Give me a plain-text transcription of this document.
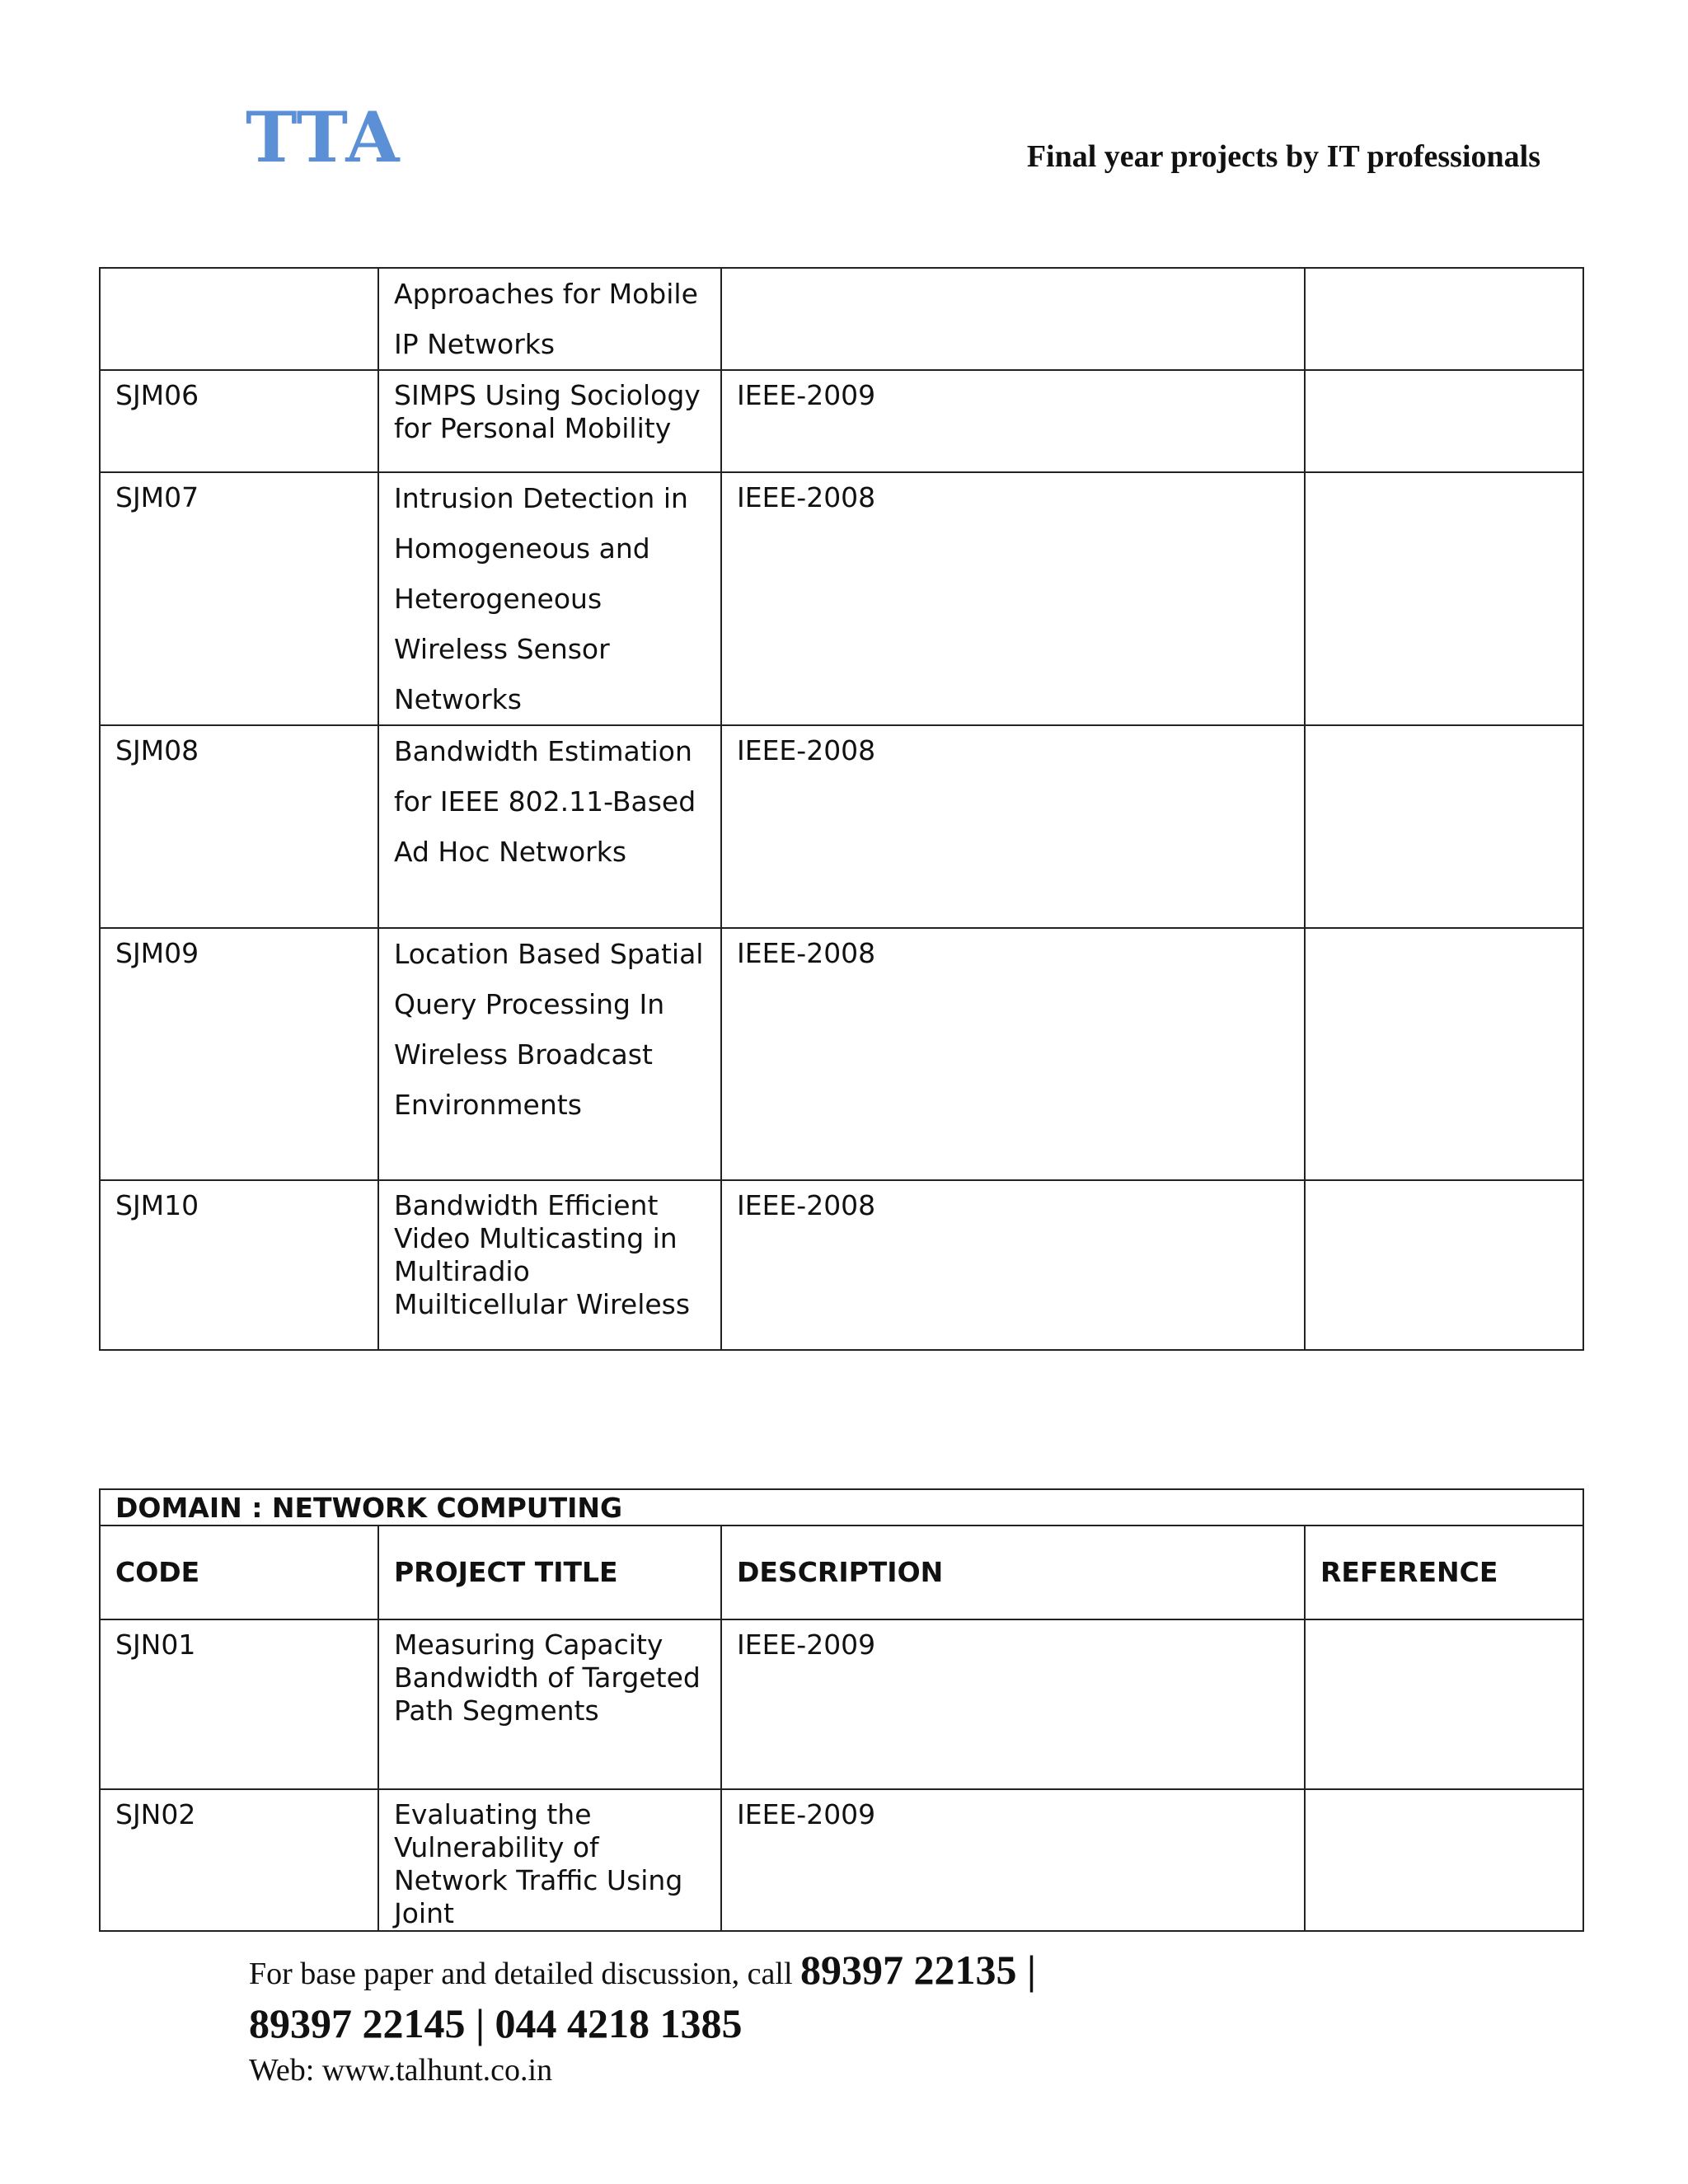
TTA	Final year projects by IT professionals
	Approaches for Mobile IP Networks		
SJM06	SIMPS Using Sociology for Personal Mobility	IEEE-2009	
SJM07	Intrusion Detection in Homogeneous and Heterogeneous Wireless Sensor Networks	IEEE-2008	
SJM08	Bandwidth Estimation for IEEE 802.11-Based Ad Hoc Networks	IEEE-2008	
SJM09	Location Based Spatial Query Processing In Wireless Broadcast Environments	IEEE-2008	
SJM10	Bandwidth Efficient Video Multicasting in Multiradio Muilticellular Wireless	IEEE-2008	
DOMAIN : NETWORK COMPUTING			
CODE	PROJECT TITLE	DESCRIPTION	REFERENCE
SJN01	Measuring Capacity Bandwidth of Targeted Path Segments	IEEE-2009	
SJN02	Evaluating the Vulnerability of Network Traffic Using Joint	IEEE-2009	
For base paper and detailed discussion, call 89397 22135 |
89397 22145 | 044 4218 1385
Web: www.talhunt.co.in
